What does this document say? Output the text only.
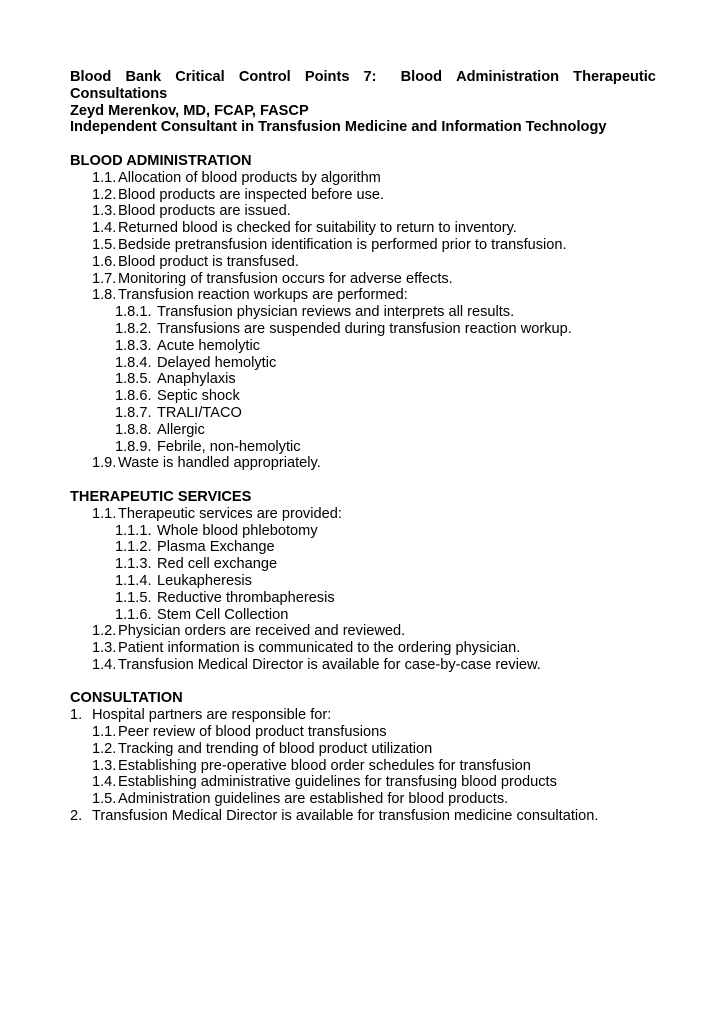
Blood Bank Critical Control Points 7: Blood Administration Therapeutic
Consultations
Zeyd Merenkov, MD, FCAP, FASCP
Independent Consultant in Transfusion Medicine and Information Technology
BLOOD ADMINISTRATION
1.1. Allocation of blood products by algorithm
1.2. Blood products are inspected before use.
1.3. Blood products are issued.
1.4. Returned blood is checked for suitability to return to inventory.
1.5. Bedside pretransfusion identification is performed prior to transfusion.
1.6. Blood product is transfused.
1.7. Monitoring of transfusion occurs for adverse effects.
1.8. Transfusion reaction workups are performed:
1.8.1. Transfusion physician reviews and interprets all results.
1.8.2. Transfusions are suspended during transfusion reaction workup.
1.8.3. Acute hemolytic
1.8.4. Delayed hemolytic
1.8.5. Anaphylaxis
1.8.6. Septic shock
1.8.7. TRALI/TACO
1.8.8. Allergic
1.8.9. Febrile, non-hemolytic
1.9. Waste is handled appropriately.
THERAPEUTIC SERVICES
1.1. Therapeutic services are provided:
1.1.1. Whole blood phlebotomy
1.1.2. Plasma Exchange
1.1.3. Red cell exchange
1.1.4. Leukapheresis
1.1.5. Reductive thrombapheresis
1.1.6. Stem Cell Collection
1.2. Physician orders are received and reviewed.
1.3. Patient information is communicated to the ordering physician.
1.4. Transfusion Medical Director is available for case-by-case review.
CONSULTATION
1. Hospital partners are responsible for:
1.1. Peer review of blood product transfusions
1.2. Tracking and trending of blood product utilization
1.3. Establishing pre-operative blood order schedules for transfusion
1.4. Establishing administrative guidelines for transfusing blood products
1.5. Administration guidelines are established for blood products.
2. Transfusion Medical Director is available for transfusion medicine consultation.
